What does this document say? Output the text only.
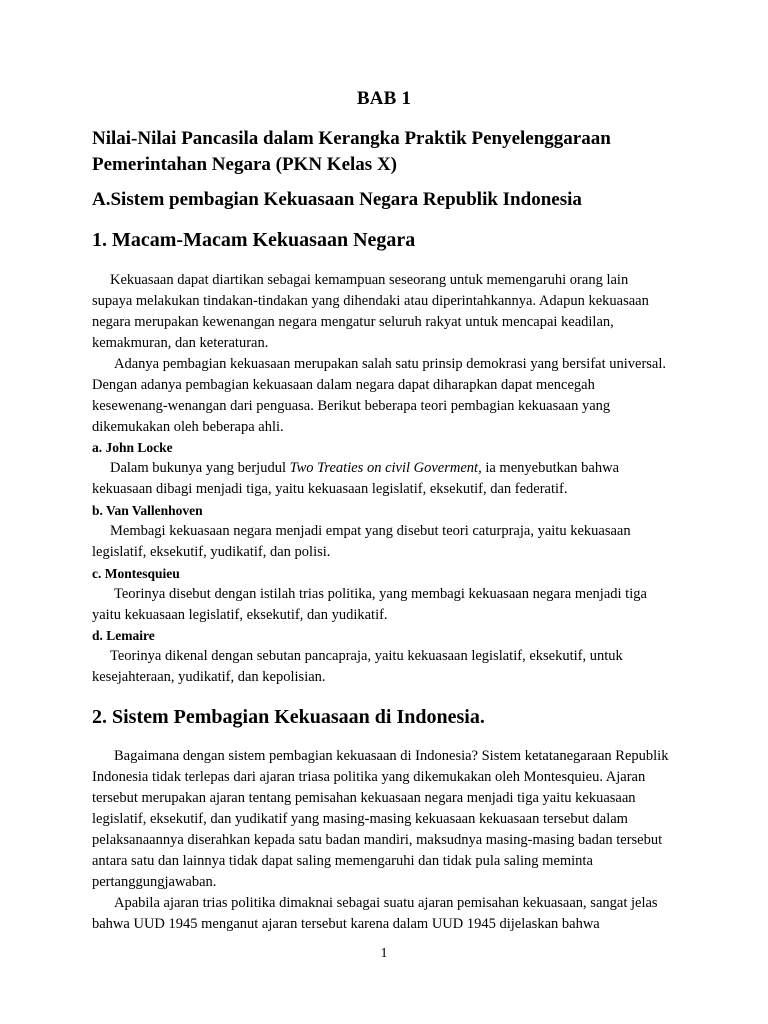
BAB 1
Nilai-Nilai Pancasila dalam Kerangka Praktik Penyelenggaraan Pemerintahan Negara (PKN Kelas X)
A.Sistem pembagian Kekuasaan Negara Republik Indonesia
1. Macam-Macam Kekuasaan Negara

Kekuasaan dapat diartikan sebagai kemampuan seseorang untuk memengaruhi orang lain supaya melakukan tindakan-tindakan yang dihendaki atau diperintahkannya. Adapun kekuasaan negara merupakan kewenangan negara mengatur seluruh rakyat untuk mencapai keadilan, kemakmuran, dan keteraturan.

Adanya pembagian kekuasaan merupakan salah satu prinsip demokrasi yang bersifat universal. Dengan adanya pembagian kekuasaan dalam negara dapat diharapkan dapat mencegah kesewenang-wenangan dari penguasa. Berikut beberapa teori pembagian kekuasaan yang dikemukakan oleh beberapa ahli.

a. John Locke

Dalam bukunya yang berjudul Two Treaties on civil Goverment, ia menyebutkan bahwa kekuasaan dibagi menjadi tiga, yaitu kekuasaan legislatif, eksekutif, dan federatif.

b. Van Vallenhoven

Membagi kekuasaan negara menjadi empat yang disebut teori caturpraja, yaitu kekuasaan legislatif, eksekutif, yudikatif, dan polisi.

c. Montesquieu

Teorinya disebut dengan istilah trias politika, yang membagi kekuasaan negara menjadi tiga yaitu kekuasaan legislatif, eksekutif, dan yudikatif.

d. Lemaire

Teorinya dikenal dengan sebutan pancapraja, yaitu kekuasaan legislatif, eksekutif, untuk kesejahteraan, yudikatif, dan kepolisian.

2. Sistem Pembagian Kekuasaan di Indonesia.

Bagaimana dengan sistem pembagian kekuasaan di Indonesia? Sistem ketatanegaraan Republik Indonesia tidak terlepas dari ajaran triasa politika yang dikemukakan oleh Montesquieu. Ajaran tersebut merupakan ajaran tentang pemisahan kekuasaan negara menjadi tiga yaitu kekuasaan legislatif, eksekutif, dan yudikatif yang masing-masing kekuasaan kekuasaan tersebut dalam pelaksanaannya diserahkan kepada satu badan mandiri, maksudnya masing-masing badan tersebut antara satu dan lainnya tidak dapat saling memengaruhi dan tidak pula saling meminta pertanggungjawaban.

Apabila ajaran trias politika dimaknai sebagai suatu ajaran pemisahan kekuasaan, sangat jelas bahwa UUD 1945 menganut ajaran tersebut karena dalam UUD 1945 dijelaskan bahwa

1
